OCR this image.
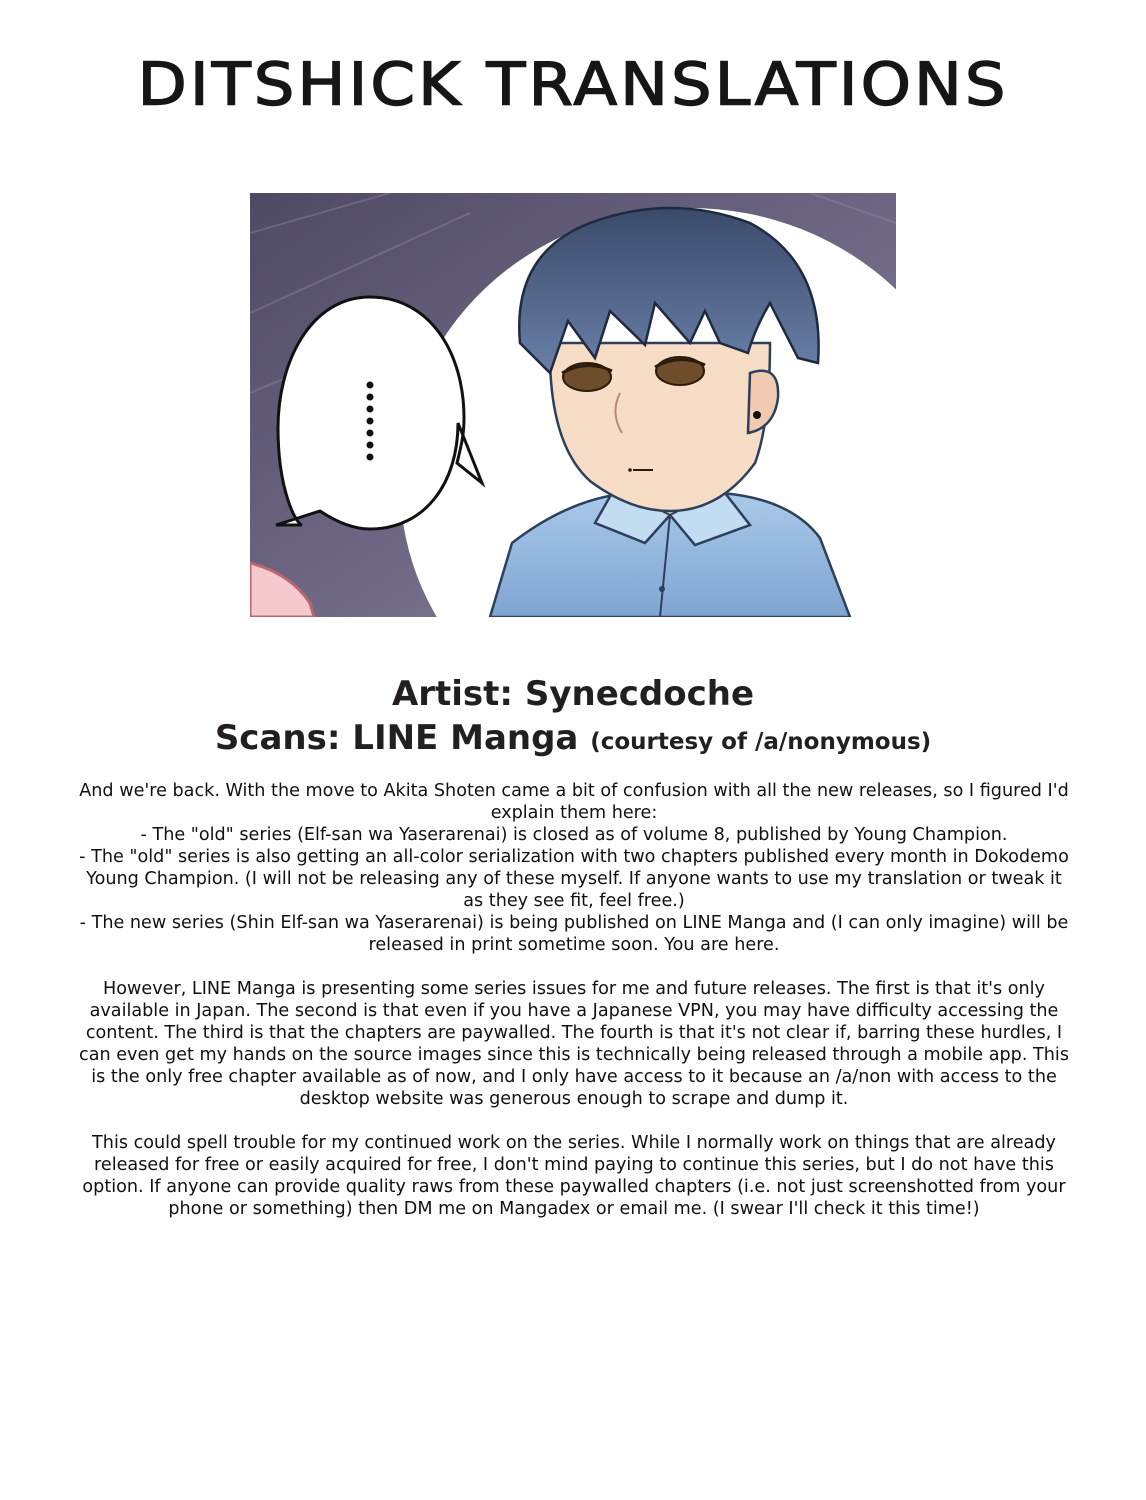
DITSHICK TRANSLATIONS
Artist: Synecdoche
Scans: LINE Manga (courtesy of /a/nonymous)

And we're back. With the move to Akita Shoten came a bit of confusion with all the new releases, so I figured I'd explain them here:
- The "old" series (Elf-san wa Yaserarenai) is closed as of volume 8, published by Young Champion.
- The "old" series is also getting an all-color serialization with two chapters published every month in Dokodemo Young Champion. (I will not be releasing any of these myself. If anyone wants to use my translation or tweak it as they see fit, feel free.)
- The new series (Shin Elf-san wa Yaserarenai) is being published on LINE Manga and (I can only imagine) will be released in print sometime soon. You are here.

However, LINE Manga is presenting some series issues for me and future releases. The first is that it's only available in Japan. The second is that even if you have a Japanese VPN, you may have difficulty accessing the content. The third is that the chapters are paywalled. The fourth is that it's not clear if, barring these hurdles, I can even get my hands on the source images since this is technically being released through a mobile app. This is the only free chapter available as of now, and I only have access to it because an /a/non with access to the desktop website was generous enough to scrape and dump it.

This could spell trouble for my continued work on the series. While I normally work on things that are already released for free or easily acquired for free, I don't mind paying to continue this series, but I do not have this option. If anyone can provide quality raws from these paywalled chapters (i.e. not just screenshotted from your phone or something) then DM me on Mangadex or email me. (I swear I'll check it this time!)
